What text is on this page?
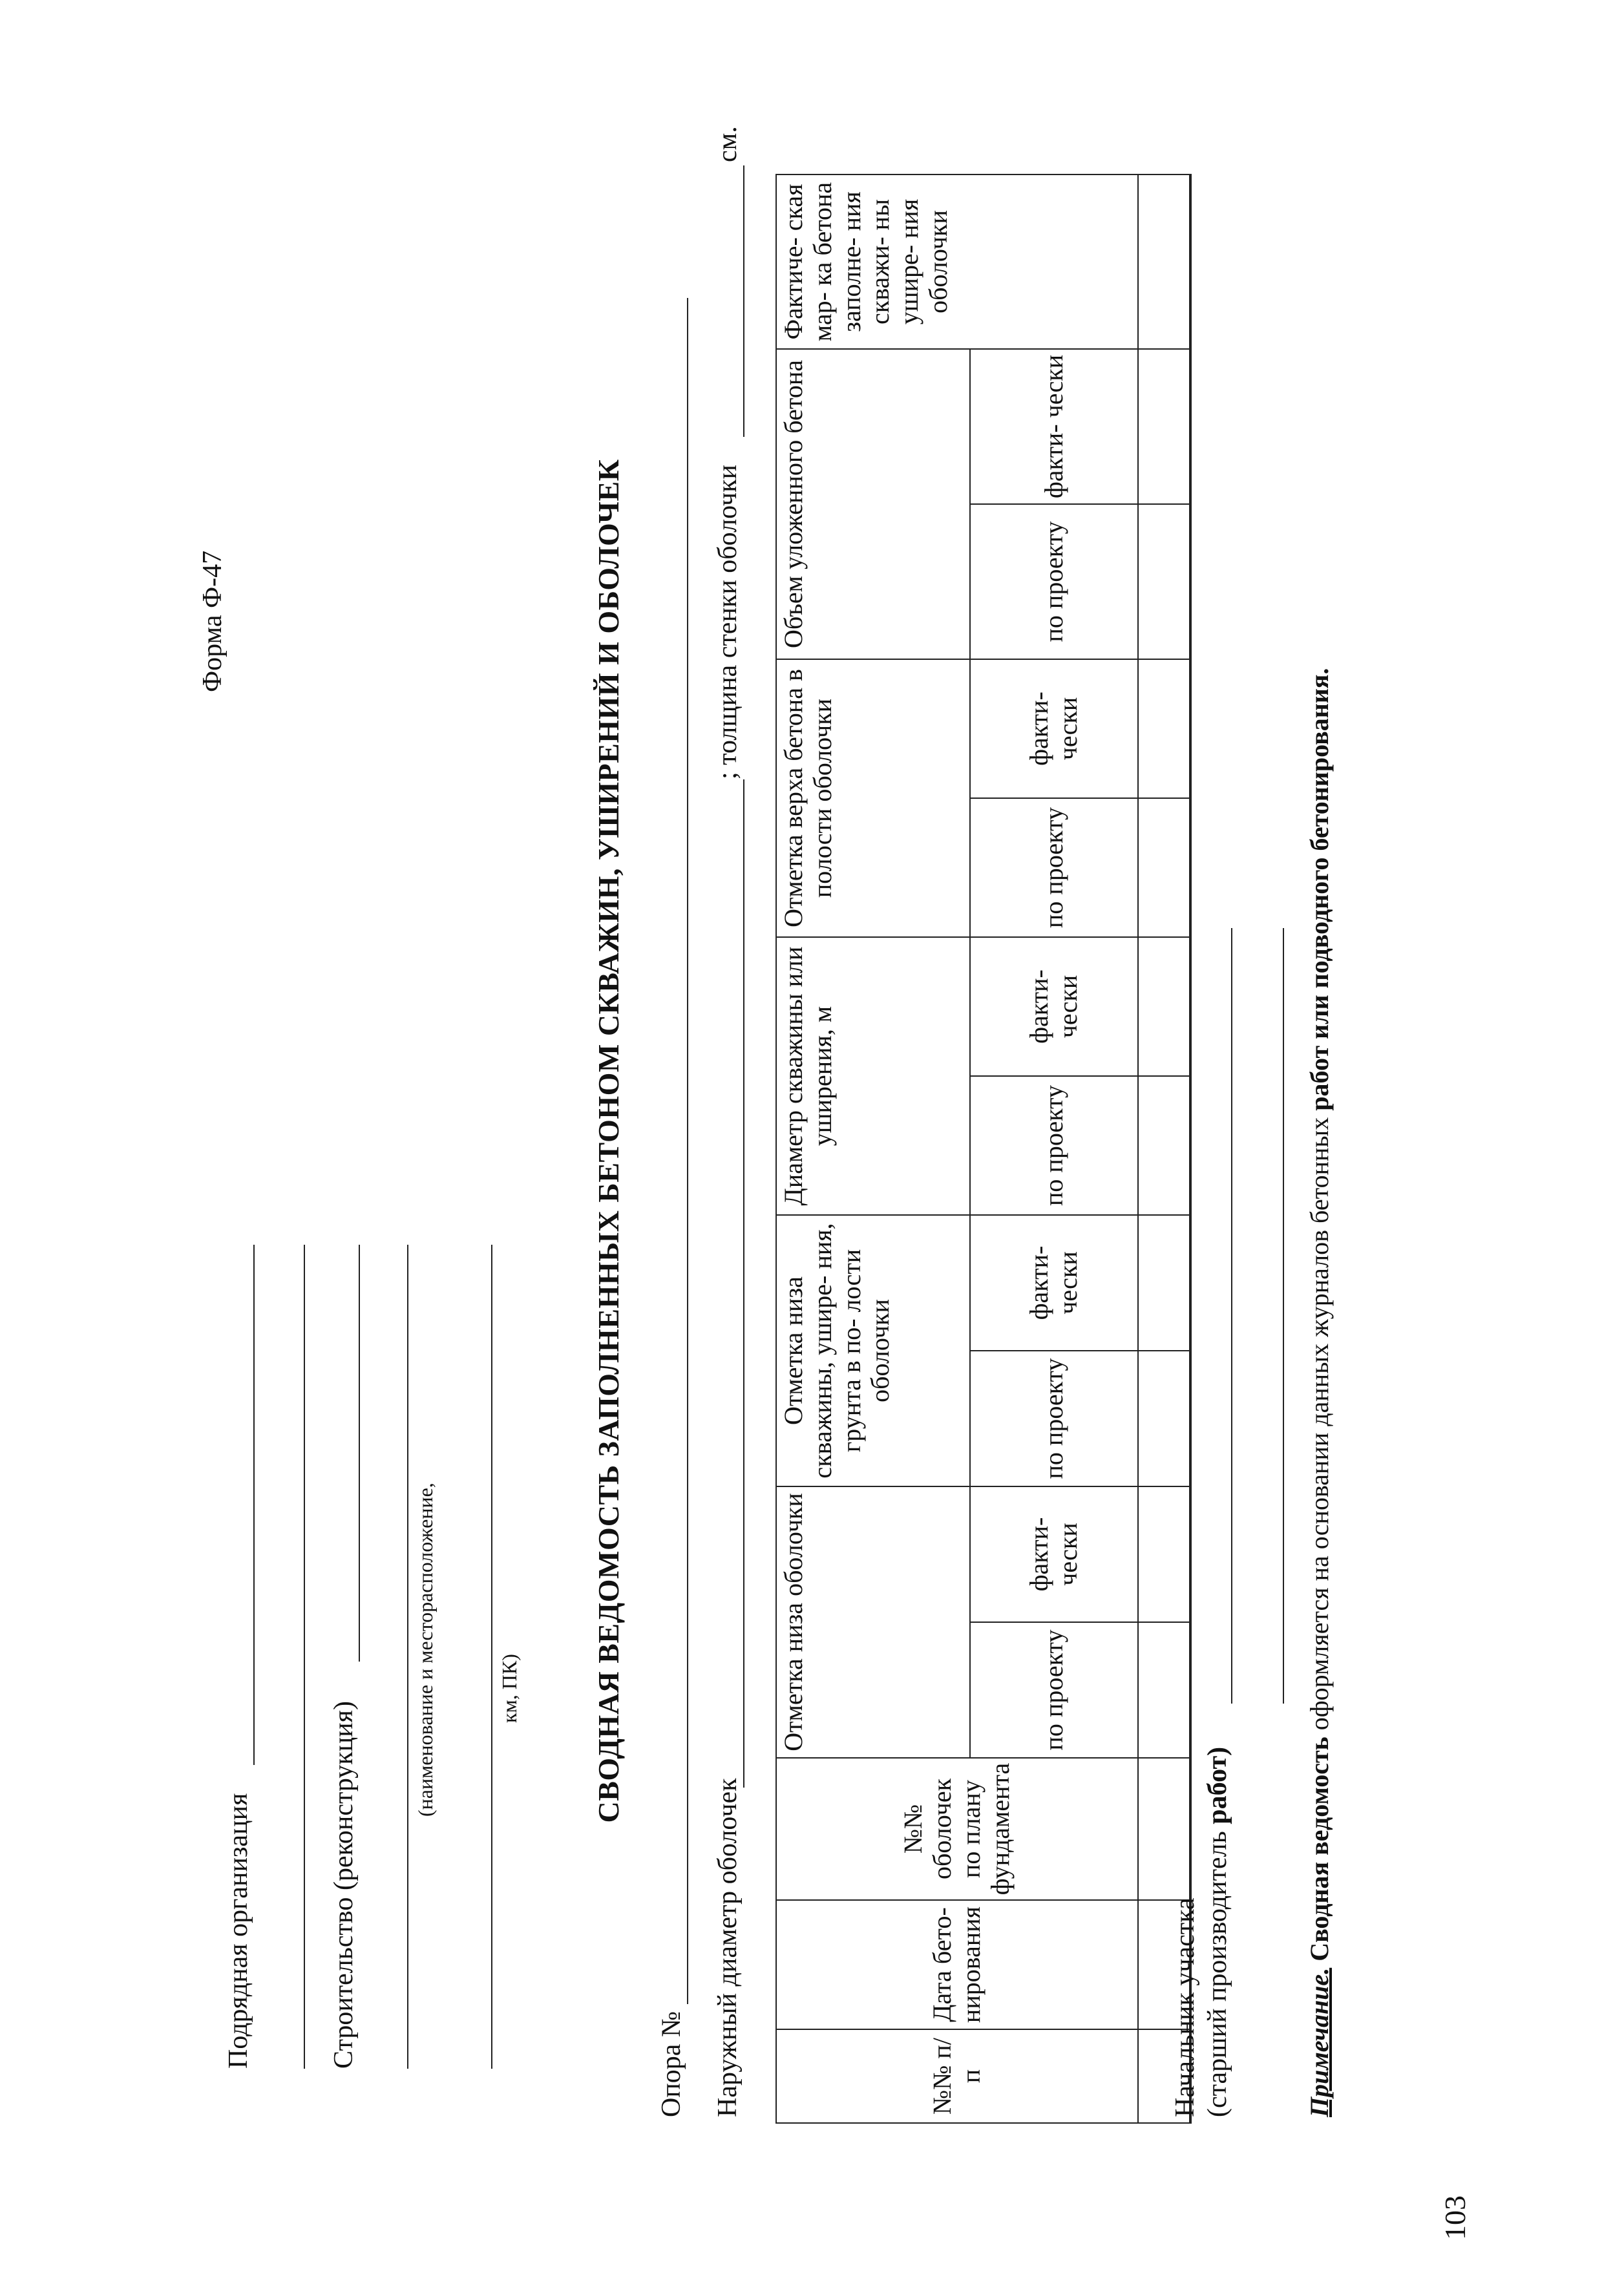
Форма Ф-47
Подрядная организация	Строительство (реконструкция)
(наименование и месторасположение,	км, ПК) СВОДНАЯ ВЕДОМОСТЬ ЗАПОЛНЕННЫХ БЕТОНОМ СКВАЖИН, УШИРЕНИЙ И ОБОЛОЧЕК
Опора № Наружный диаметр оболочек
; толщина стенки оболочки
см.
№№ п/п	Дата бето- нирования	№№ оболочек по плану фундамента	Отметка низа оболочки		Отметка низа скважины, ушире- ния, грунта в по- лости оболочки		Диаметр скважины или уширения, м		Отметка верха бетона в полости оболочки		Объем уложенного бетона		Фактиче- ская мар- ка бетона заполне- ния скважи- ны ушире- ния оболочки
			по проекту	факти- чески	по проекту	факти- чески	по проекту	факти- чески	по проекту	факти- чески	по проекту	факти- чески	

Начальник участка (старший производитель работ)
Примечание. Сводная ведомость оформляется на основании данных журналов бетонных работ или подводного бетонирования.
103
